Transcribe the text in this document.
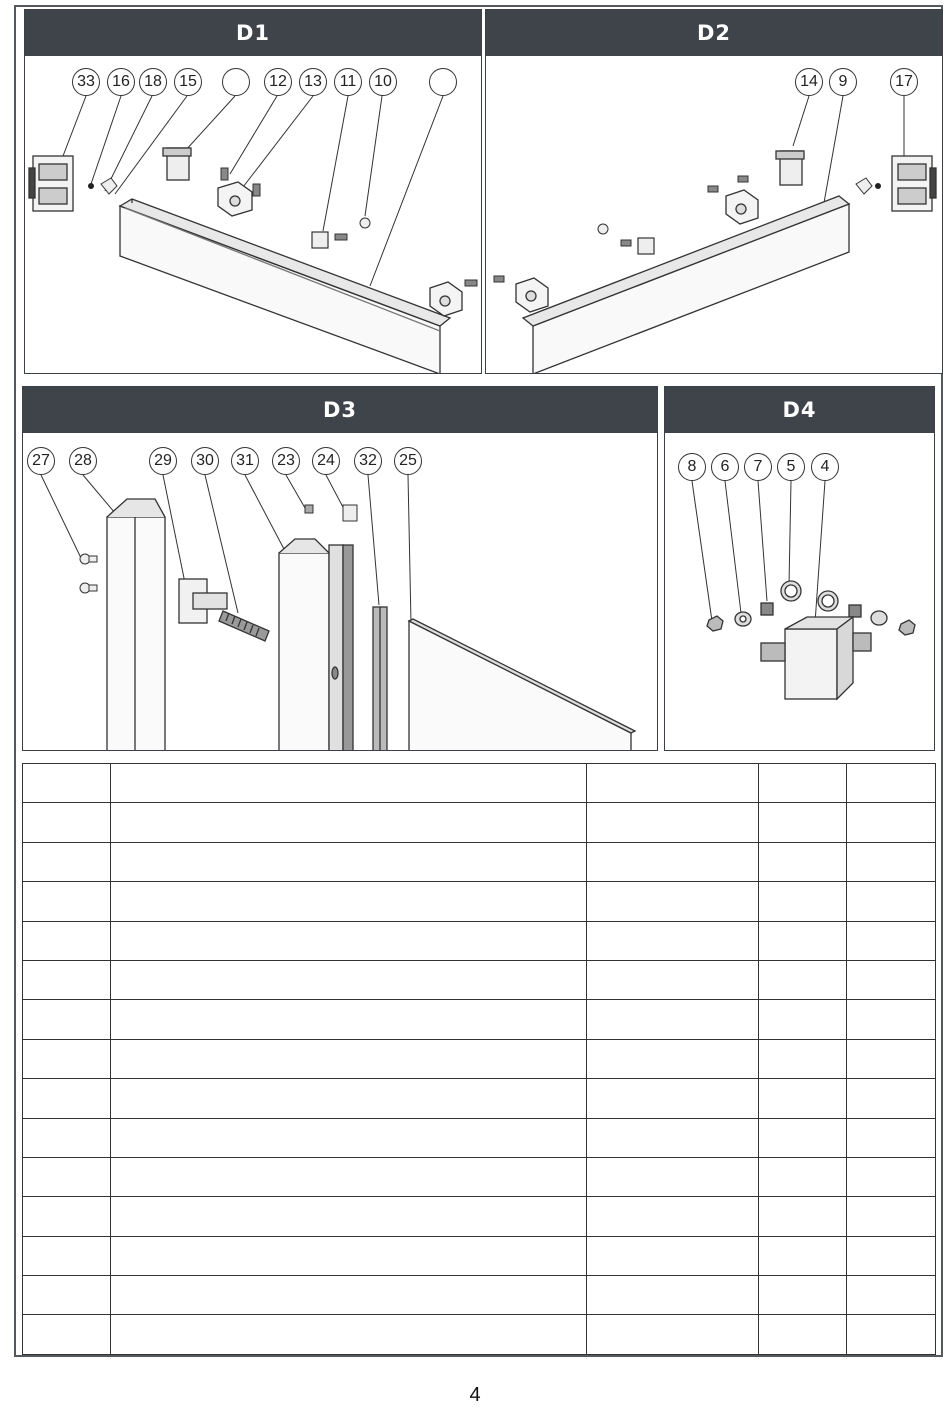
D1
33	16 18	15	12	13	11	10
D2
14	9	17
D3
27	28	29	30	31	23	24	32	25
D4
8	6	7	5	4

4
